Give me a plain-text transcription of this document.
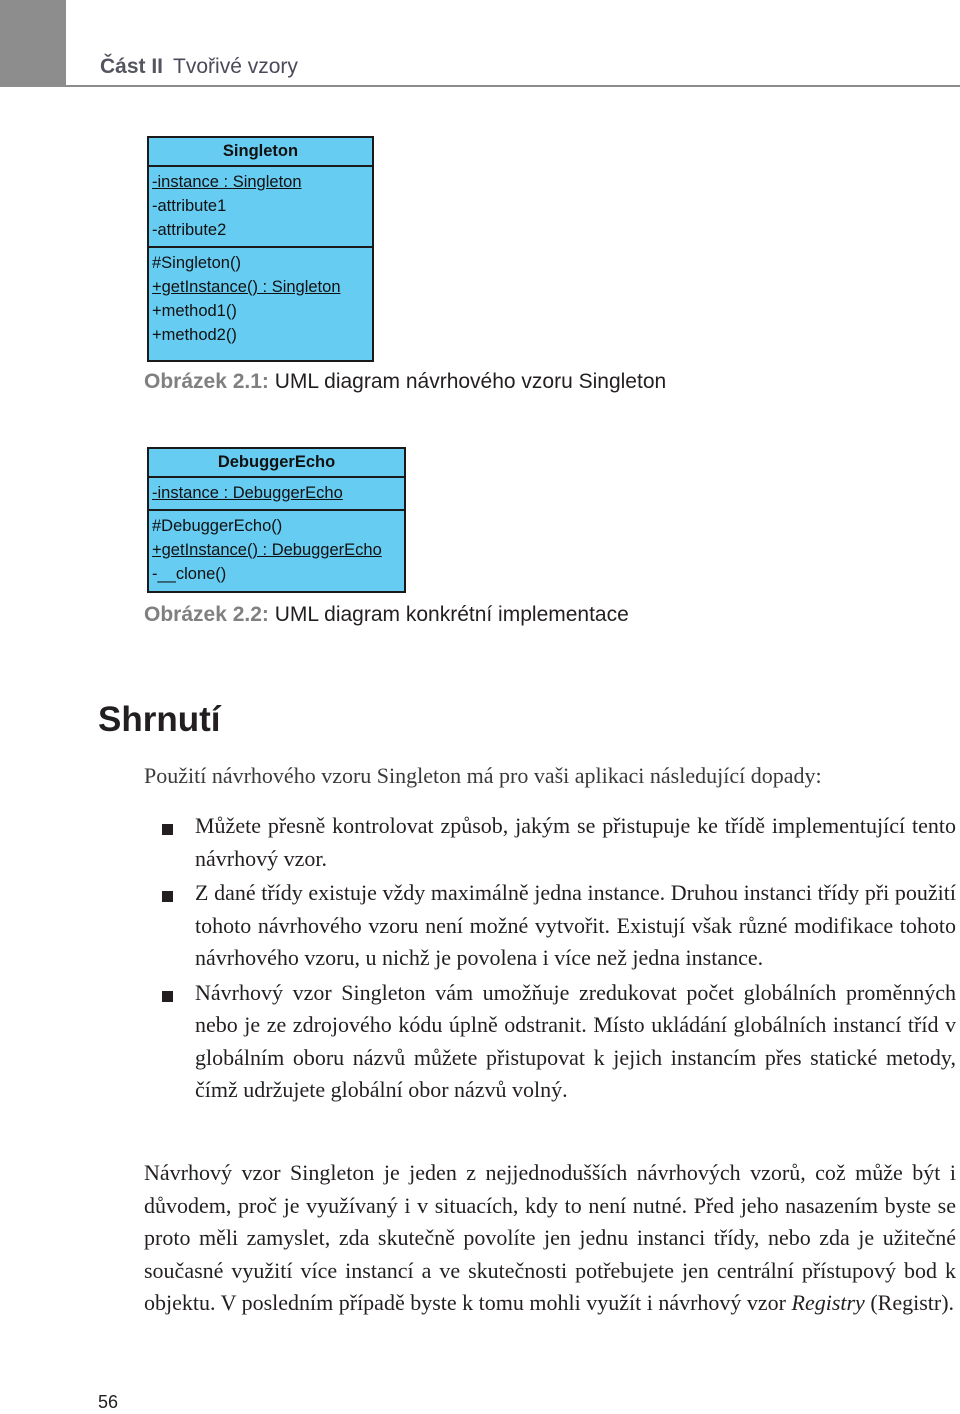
Část II Tvořivé vzory
Singleton
-instance : Singleton
-attribute1
-attribute2
#Singleton()
+getInstance() : Singleton
+method1()
+method2()
Obrázek 2.1: UML diagram návrhového vzoru Singleton
DebuggerEcho
-instance : DebuggerEcho
#DebuggerEcho()
+getInstance() : DebuggerEcho
-__clone()
Obrázek 2.2: UML diagram konkrétní implementace
Shrnutí

Použití návrhového vzoru Singleton má pro vaši aplikaci následující dopady:

Můžete přesně kontrolovat způsob, jakým se přistupuje ke třídě implementující tento návrhový vzor.
Z dané třídy existuje vždy maximálně jedna instance. Druhou instanci třídy při použití tohoto návrhového vzoru není možné vytvořit. Existují však různé modifikace tohoto návrhového vzoru, u nichž je povolena i více než jedna instance.
Návrhový vzor Singleton vám umožňuje zredukovat počet globálních proměnných nebo je ze zdrojového kódu úplně odstranit. Místo ukládání globálních instancí tříd v globálním oboru názvů můžete přistupovat k jejich instancím přes statické metody, čímž udržujete globální obor názvů volný.

Návrhový vzor Singleton je jeden z nejjednodušších návrhových vzorů, což může být i důvodem, proč je využívaný i v situacích, kdy to není nutné. Před jeho nasazením byste se proto měli zamyslet, zda skutečně povolíte jen jednu instanci třídy, nebo zda je užitečné současné využití více instancí a ve skutečnosti potřebujete jen centrální přístupový bod k objektu. V posledním případě byste k tomu mohli využít i návrhový vzor Registry (Registr).

56
